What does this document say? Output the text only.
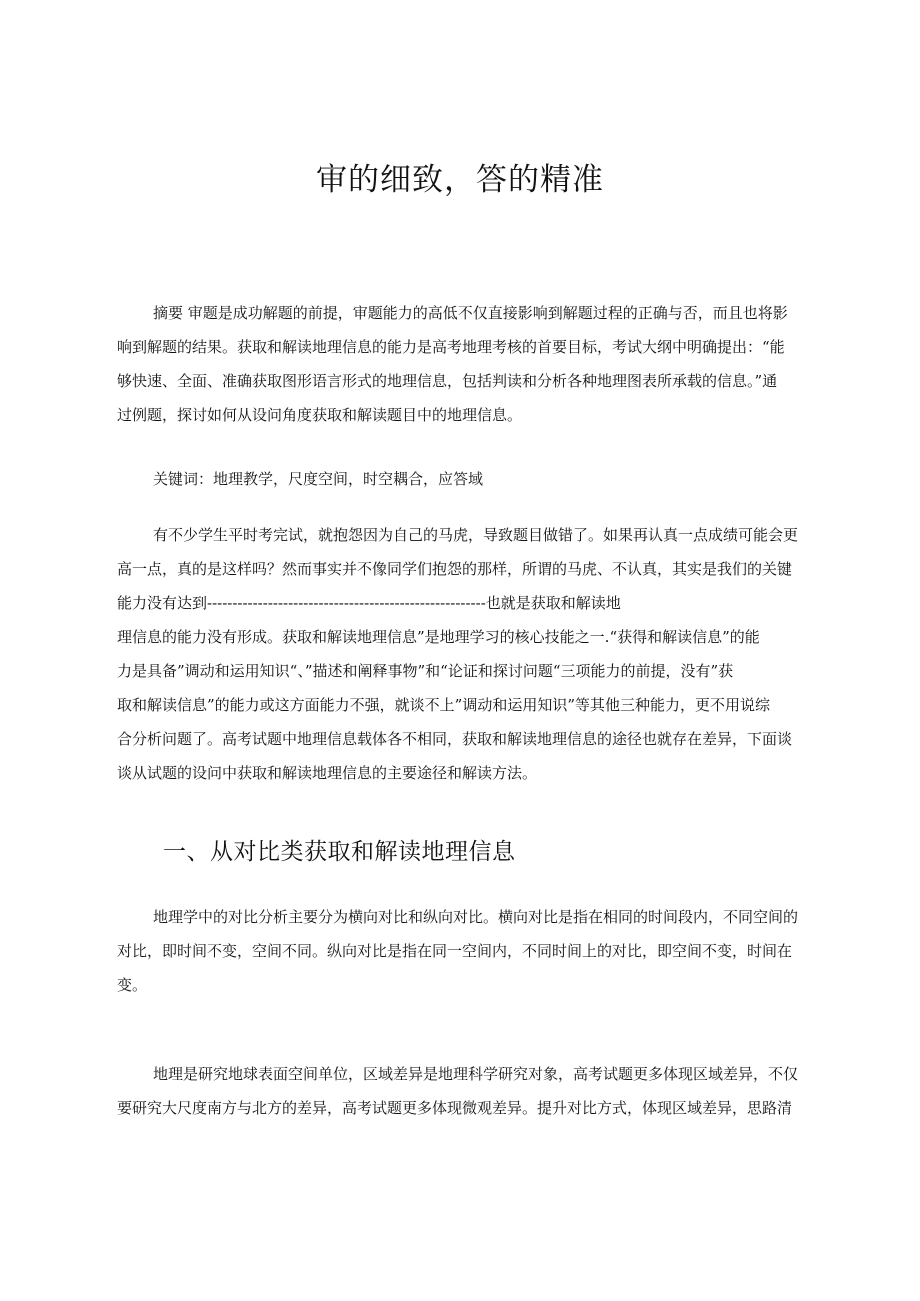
审的细致，答的精准
摘要 审题是成功解题的前提，审题能力的高低不仅直接影响到解题过程的正确与否，而且也将影
响到解题的结果。获取和解读地理信息的能力是高考地理考核的首要目标，考试大纲中明确提出：“能
够快速、全面、准确获取图形语言形式的地理信息，包括判读和分析各种地理图表所承载的信息。”通
过例题，探讨如何从设问角度获取和解读题目中的地理信息。
关键词：地理教学，尺度空间，时空耦合，应答域
有不少学生平时考完试，就抱怨因为自己的马虎，导致题目做错了。如果再认真一点成绩可能会更
高一点，真的是这样吗？然而事实并不像同学们抱怨的那样，所谓的马虎、不认真，其实是我们的关键
能力没有达到-------------------------------------------------------也就是获取和解读地
理信息的能力没有形成。获取和解读地理信息”是地理学习的核心技能之一.“获得和解读信息”的能
力是具备”调动和运用知识“、”描述和阐释事物”和“论证和探讨问题“三项能力的前提，没有”获
取和解读信息”的能力或这方面能力不强，就谈不上”调动和运用知识”等其他三种能力，更不用说综
合分析问题了。高考试题中地理信息载体各不相同，获取和解读地理信息的途径也就存在差异，下面谈
谈从试题的设问中获取和解读地理信息的主要途径和解读方法。
一、从对比类获取和解读地理信息
地理学中的对比分析主要分为横向对比和纵向对比。横向对比是指在相同的时间段内，不同空间的
对比，即时间不变，空间不同。纵向对比是指在同一空间内，不同时间上的对比，即空间不变，时间在
变。
地理是研究地球表面空间单位，区域差异是地理科学研究对象，高考试题更多体现区域差异，不仅
要研究大尺度南方与北方的差异，高考试题更多体现微观差异。提升对比方式，体现区域差异，思路清
